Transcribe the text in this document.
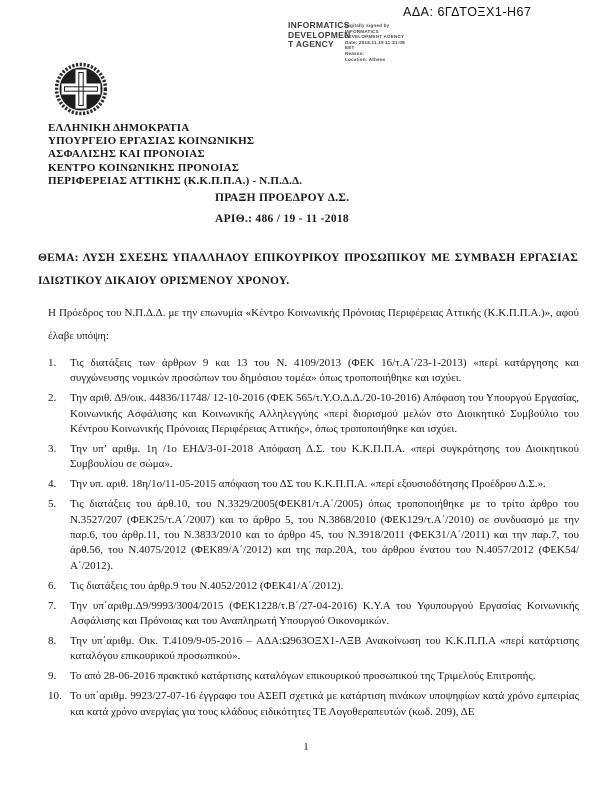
ΑΔΑ: 6ΓΔΤΟΞΧ1-Η67
INFORMATICS
DEVELOPMEN
T AGENCY
Digitally signed by
INFORMATICS
DEVELOPMENT AGENCY
Date: 2018.11.19 11:31:08
EET
Reason:
Location: Athens
ΕΛΛΗΝΙΚΗ ΔΗΜΟΚΡΑΤΙΑ
ΥΠΟΥΡΓΕΙΟ ΕΡΓΑΣΙΑΣ ΚΟΙΝΩΝΙΚΗΣ
ΑΣΦΑΛΙΣΗΣ ΚΑΙ ΠΡΟΝΟΙΑΣ
ΚΕΝΤΡΟ ΚΟΙΝΩΝΙΚΗΣ ΠΡΟΝΟΙΑΣ
ΠΕΡΙΦΕΡΕΙΑΣ ΑΤΤΙΚΗΣ (Κ.Κ.Π.Π.Α.) - Ν.Π.Δ.Δ.
ΠΡΑΞΗ ΠΡΟΕΔΡΟΥ Δ.Σ.
ΑΡΙΘ.: 486 / 19 - 11 -2018
ΘΕΜΑ: ΛΥΣΗ ΣΧΕΣΗΣ ΥΠΑΛΛΗΛΟΥ ΕΠΙΚΟΥΡΙΚΟΥ ΠΡΟΣΩΠΙΚΟΥ ΜΕ ΣΥΜΒΑΣΗ ΕΡΓΑΣΙΑΣ ΙΔΙΩΤΙΚΟΥ ΔΙΚΑΙΟΥ ΟΡΙΣΜΕΝΟΥ ΧΡΟΝΟΥ.
Η Πρόεδρος του Ν.Π.Δ.Δ. με την επωνυμία «Κέντρο Κοινωνικής Πρόνοιας Περιφέρειας Αττικής (Κ.Κ.Π.Π.Α.)», αφού έλαβε υπόψη:
1.	Τις διατάξεις των άρθρων 9 και 13 του Ν. 4109/2013 (ΦΕΚ 16/τ.Α΄/23-1-2013) «περί κατάργησης και συγχώνευσης νομικών προσώπων του δημόσιου τομέα» όπως τροποποιήθηκε και ισχύει.
2.	Την αριθ. Δ9/οικ. 44836/11748/ 12-10-2016 (ΦΕΚ 565/τ.Υ.Ο.Δ.Δ./20-10-2016) Απόφαση του Υπουργού Εργασίας, Κοινωνικής Ασφάλισης και Κοινωνικής Αλληλεγγύης «περί διορισμού μελών στο Διοικητικό Συμβούλιο του Κέντρου Κοινωνικής Πρόνοιας Περιφέρειας Αττικής», όπως τροποποιήθηκε και ισχύει.
3.	Την υπ’ αριθμ. 1η /1ο ΕΗΔ/3-01-2018 Απόφαση Δ.Σ. του Κ.Κ.Π.Π.Α. «περί συγκρότησης του Διοικητικού Συμβουλίου σε σώμα».
4.	Την υπ. αριθ. 18η/1ο/11-05-2015 απόφαση του ΔΣ του Κ.Κ.Π.Π.Α. «περί εξουσιοδότησης Προέδρου Δ.Σ.».
5.	Τις διατάξεις του άρθ.10, του Ν.3329/2005(ΦΕΚ81/τ.Α΄/2005) όπως τροποποιήθηκε με το τρίτο άρθρο του Ν.3527/207 (ΦΕΚ25/τ.Α΄/2007) και το άρθρο 5, του Ν.3868/2010 (ΦΕΚ129/τ.Α΄/2010) σε συνδυασμό με την παρ.6, του άρθρ.11, του Ν.3833/2010 και το άρθρο 45, του Ν.3918/2011 (ΦΕΚ31/Α΄/2011) και την παρ.7, του άρθ.56, του Ν.4075/2012 (ΦΕΚ89/Α΄/2012) και της παρ.20Α, του άρθρου ένατου του Ν.4057/2012 (ΦΕΚ54/Α΄/2012).
6.	Τις διατάξεις του άρθρ.9 του Ν.4052/2012 (ΦΕΚ41/Α΄/2012).
7.	Την υπ΄αριθμ.Δ9/9993/3004/2015 (ΦΕΚ1228/τ.Β΄/27-04-2016) Κ.Υ.Α του Υφυπουργού Εργασίας Κοινωνικής Ασφάλισης και Πρόνοιας και του Αναπληρωτή Υπουργού Οικονομικών.
8.	Την υπ΄αριθμ. Οικ. Τ.4109/9-05-2016 – ΑΔΑ:Ω963ΟΞΧ1-ΛΞΒ Ανακοίνωση του Κ.Κ.Π.Π.Α «περί κατάρτισης καταλόγου επικουρικού προσωπικού».
9.	Το από 28-06-2016 πρακτικό κατάρτισης καταλόγων επικουρικού προσωπικού της Τριμελούς Επιτροπής.
10. Το υπ΄αριθμ. 9923/27-07-16 έγγραφο του ΑΣΕΠ σχετικά με κατάρτιση πινάκων υποψηφίων κατά χρόνο εμπειρίας και κατά χρόνο ανεργίας για τους κλάδους ειδικότητες ΤΕ Λογοθεραπευτών (κωδ. 209), ΔΕ
1
